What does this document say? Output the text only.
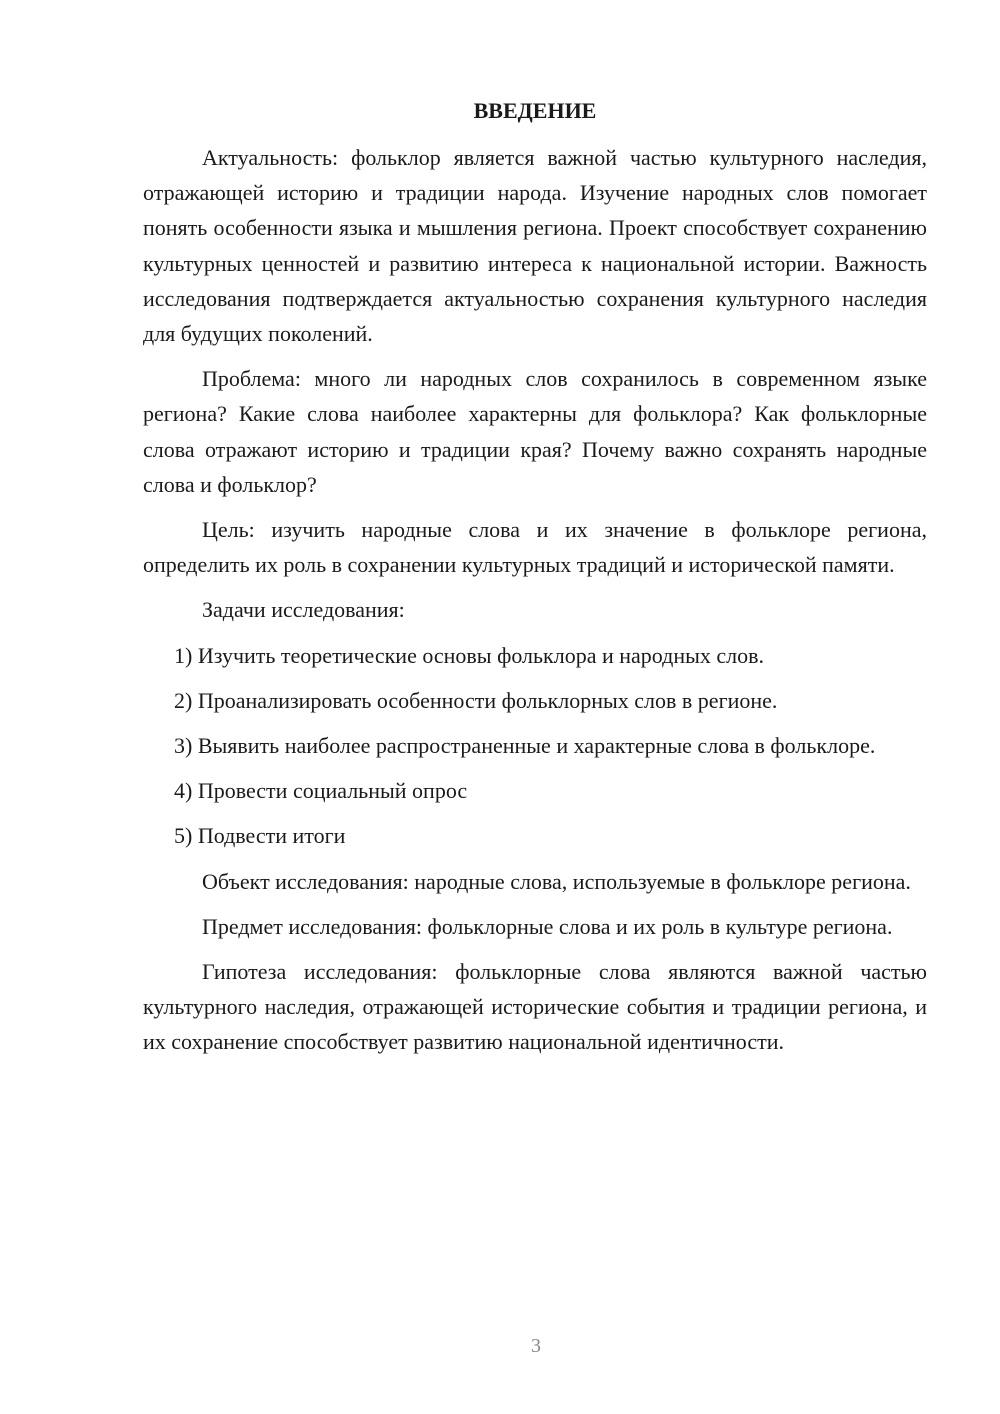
ВВЕДЕНИЕ

Актуальность: фольклор является важной частью культурного наследия, отражающей историю и традиции народа. Изучение народных слов помогает понять особенности языка и мышления региона. Проект способствует сохранению культурных ценностей и развитию интереса к национальной истории. Важность исследования подтверждается актуальностью сохранения культурного наследия для будущих поколений.

Проблема: много ли народных слов сохранилось в современном языке региона? Какие слова наиболее характерны для фольклора? Как фольклорные слова отражают историю и традиции края? Почему важно сохранять народные слова и фольклор?

Цель: изучить народные слова и их значение в фольклоре региона, определить их роль в сохранении культурных традиций и исторической памяти.

Задачи исследования:

1) Изучить теоретические основы фольклора и народных слов.

2) Проанализировать особенности фольклорных слов в регионе.

3) Выявить наиболее распространенные и характерные слова в фольклоре.

4) Провести социальный опрос

5) Подвести итоги

Объект исследования: народные слова, используемые в фольклоре региона.

Предмет исследования: фольклорные слова и их роль в культуре региона.

Гипотеза исследования: фольклорные слова являются важной частью культурного наследия, отражающей исторические события и традиции региона, и их сохранение способствует развитию национальной идентичности.

3
